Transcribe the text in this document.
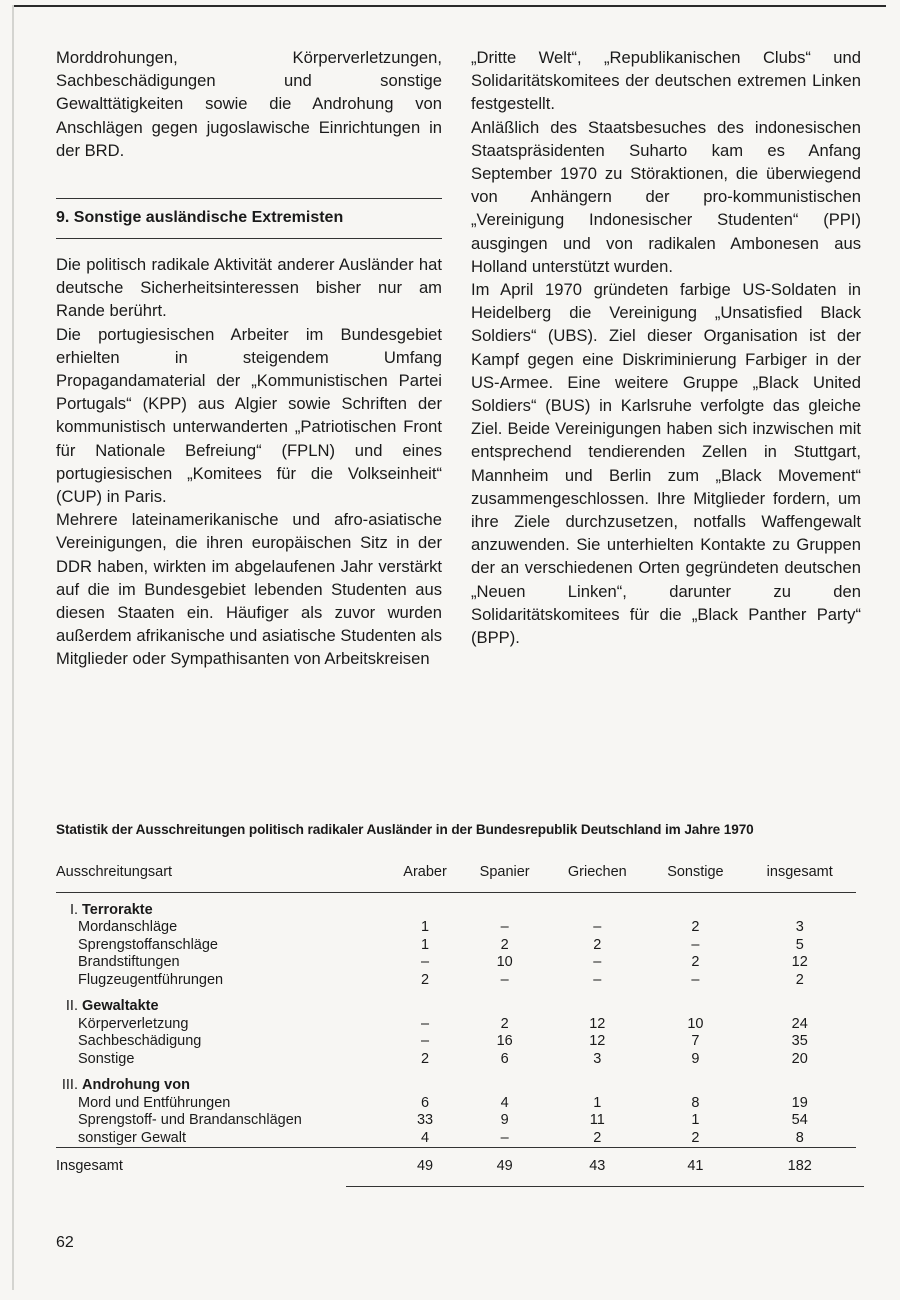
Morddrohungen, Körperverletzungen, Sachbeschädigungen und sonstige Gewalttätigkeiten sowie die Androhung von Anschlägen gegen jugoslawische Einrichtungen in der BRD.

9. Sonstige ausländische Extremisten

Die politisch radikale Aktivität anderer Ausländer hat deutsche Sicherheitsinteressen bisher nur am Rande berührt.

Die portugiesischen Arbeiter im Bundesgebiet erhielten in steigendem Umfang Propagandamaterial der „Kommunistischen Partei Portugals“ (KPP) aus Algier sowie Schriften der kommunistisch unterwanderten „Patriotischen Front für Nationale Befreiung“ (FPLN) und eines portugiesischen „Komitees für die Volkseinheit“ (CUP) in Paris.

Mehrere lateinamerikanische und afro-asiatische Vereinigungen, die ihren europäischen Sitz in der DDR haben, wirkten im abgelaufenen Jahr verstärkt auf die im Bundesgebiet lebenden Studenten aus diesen Staaten ein. Häufiger als zuvor wurden außerdem afrikanische und asiatische Studenten als Mitglieder oder Sympathisanten von Arbeitskreisen

„Dritte Welt“, „Republikanischen Clubs“ und Solidaritätskomitees der deutschen extremen Linken festgestellt.

Anläßlich des Staatsbesuches des indonesischen Staatspräsidenten Suharto kam es Anfang September 1970 zu Störaktionen, die überwiegend von Anhängern der pro-kommunistischen „Vereinigung Indonesischer Studenten“ (PPI) ausgingen und von radikalen Ambonesen aus Holland unterstützt wurden.

Im April 1970 gründeten farbige US-Soldaten in Heidelberg die Vereinigung „Unsatisfied Black Soldiers“ (UBS). Ziel dieser Organisation ist der Kampf gegen eine Diskriminierung Farbiger in der US-Armee. Eine weitere Gruppe „Black United Soldiers“ (BUS) in Karlsruhe verfolgte das gleiche Ziel. Beide Vereinigungen haben sich inzwischen mit entsprechend tendierenden Zellen in Stuttgart, Mannheim und Berlin zum „Black Movement“ zusammengeschlossen. Ihre Mitglieder fordern, um ihre Ziele durchzusetzen, notfalls Waffengewalt anzuwenden. Sie unterhielten Kontakte zu Gruppen der an verschiedenen Orten gegründeten deutschen „Neuen Linken“, darunter zu den Solidaritätskomitees für die „Black Panther Party“ (BPP).

Statistik der Ausschreitungen politisch radikaler Ausländer in der Bundesrepublik Deutschland im Jahre 1970
Ausschreitungsart	Araber	Spanier	Griechen	Sonstige	insgesamt

I. Terrorakte					
Mordanschläge	1	–	–	2	3
Sprengstoffanschläge	1	2	2	–	5
Brandstiftungen	–	10	–	2	12
Flugzeugentführungen	2	–	–	–	2
II. Gewaltakte					
Körperverletzung	–	2	12	10	24
Sachbeschädigung	–	16	12	7	35
Sonstige	2	6	3	9	20
III. Androhung von					
Mord und Entführungen	6	4	1	8	19
Sprengstoff- und Brandanschlägen	33	9	11	1	54
sonstiger Gewalt	4	–	2	2	8

Insgesamt	49	49	43	41	182
62
